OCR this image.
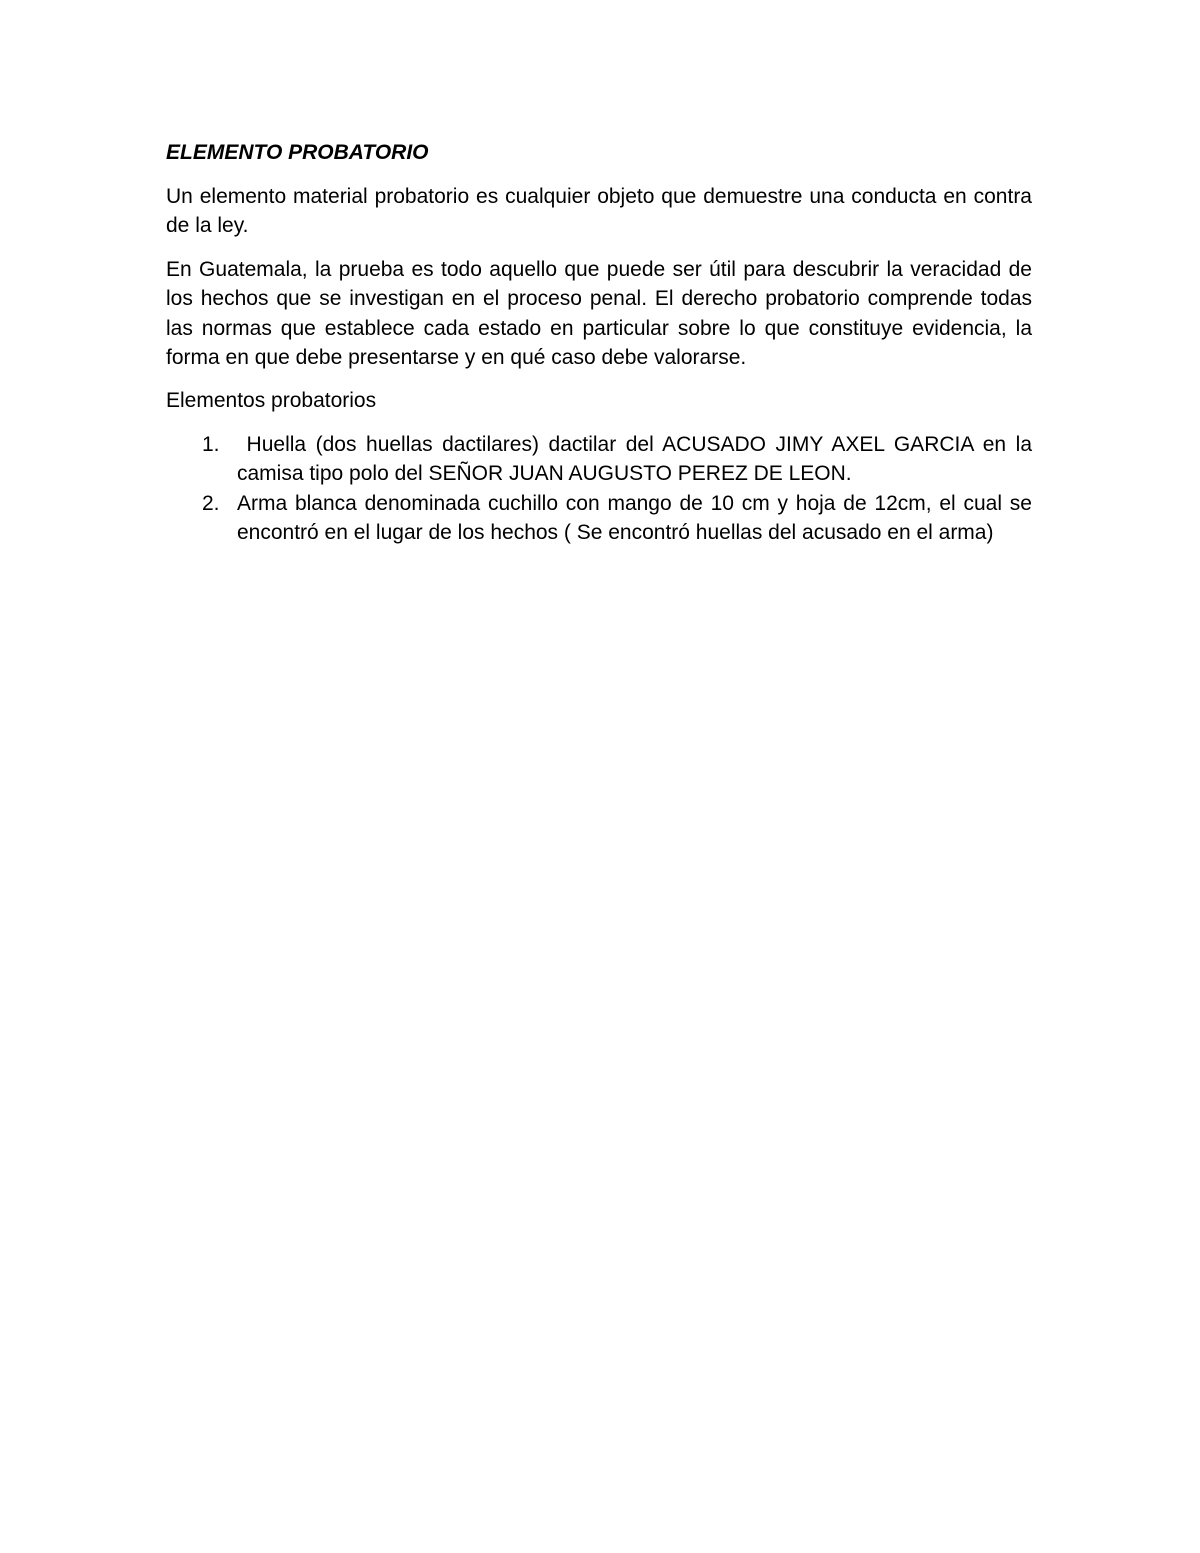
ELEMENTO PROBATORIO

Un elemento material probatorio es cualquier objeto que demuestre una conducta en contra de la ley.

En Guatemala, la prueba es todo aquello que puede ser útil para descubrir la veracidad de los hechos que se investigan en el proceso penal. El derecho probatorio comprende todas las normas que establece cada estado en particular sobre lo que constituye evidencia, la forma en que debe presentarse y en qué caso debe valorarse.

Elementos probatorios

1. Huella (dos huellas dactilares) dactilar del ACUSADO JIMY AXEL GARCIA en la camisa tipo polo del SEÑOR JUAN AUGUSTO PEREZ DE LEON.
2. Arma blanca denominada cuchillo con mango de 10 cm y hoja de 12cm, el cual se encontró en el lugar de los hechos ( Se encontró huellas del acusado en el arma)
